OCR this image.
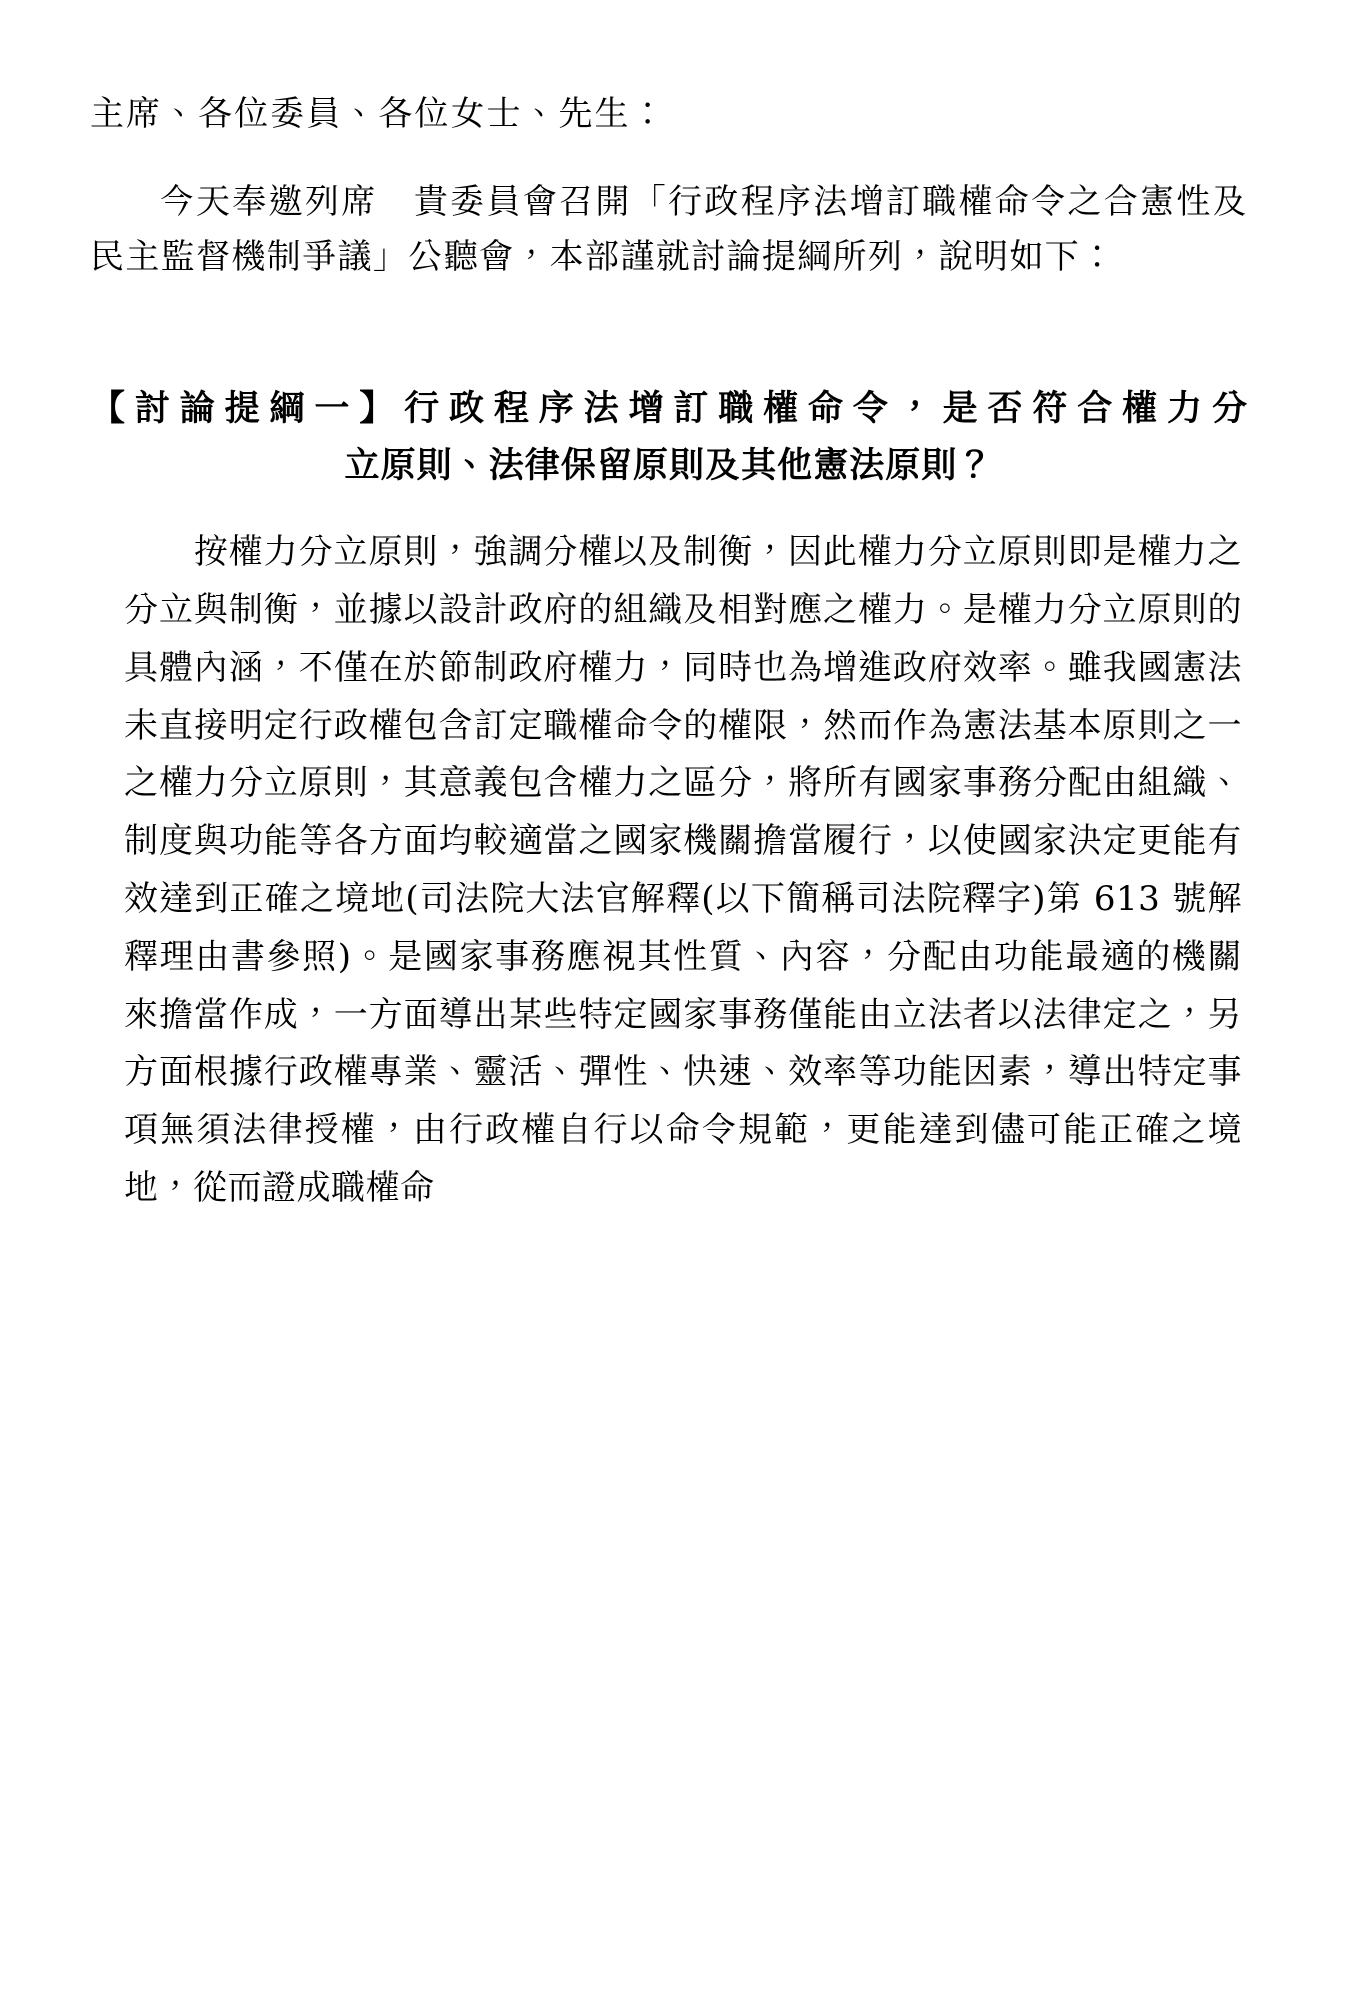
主席、各位委員、各位女士、先生：

今天奉邀列席　貴委員會召開「行政程序法增訂職權命令之合憲性及民主監督機制爭議」公聽會，本部謹就討論提綱所列，說明如下：

【討論提綱一】行政程序法增訂職權命令，是否符合權力分
立原則、法律保留原則及其他憲法原則？

按權力分立原則，強調分權以及制衡，因此權力分立原則即是權力之分立與制衡，並據以設計政府的組織及相對應之權力。是權力分立原則的具體內涵，不僅在於節制政府權力，同時也為增進政府效率。雖我國憲法未直接明定行政權包含訂定職權命令的權限，然而作為憲法基本原則之一之權力分立原則，其意義包含權力之區分，將所有國家事務分配由組織、制度與功能等各方面均較適當之國家機關擔當履行，以使國家決定更能有效達到正確之境地(司法院大法官解釋(以下簡稱司法院釋字)第 613 號解釋理由書參照)。是國家事務應視其性質、內容，分配由功能最適的機關來擔當作成，一方面導出某些特定國家事務僅能由立法者以法律定之，另方面根據行政權專業、靈活、彈性、快速、效率等功能因素，導出特定事項無須法律授權，由行政權自行以命令規範，更能達到儘可能正確之境地，從而證成職權命
